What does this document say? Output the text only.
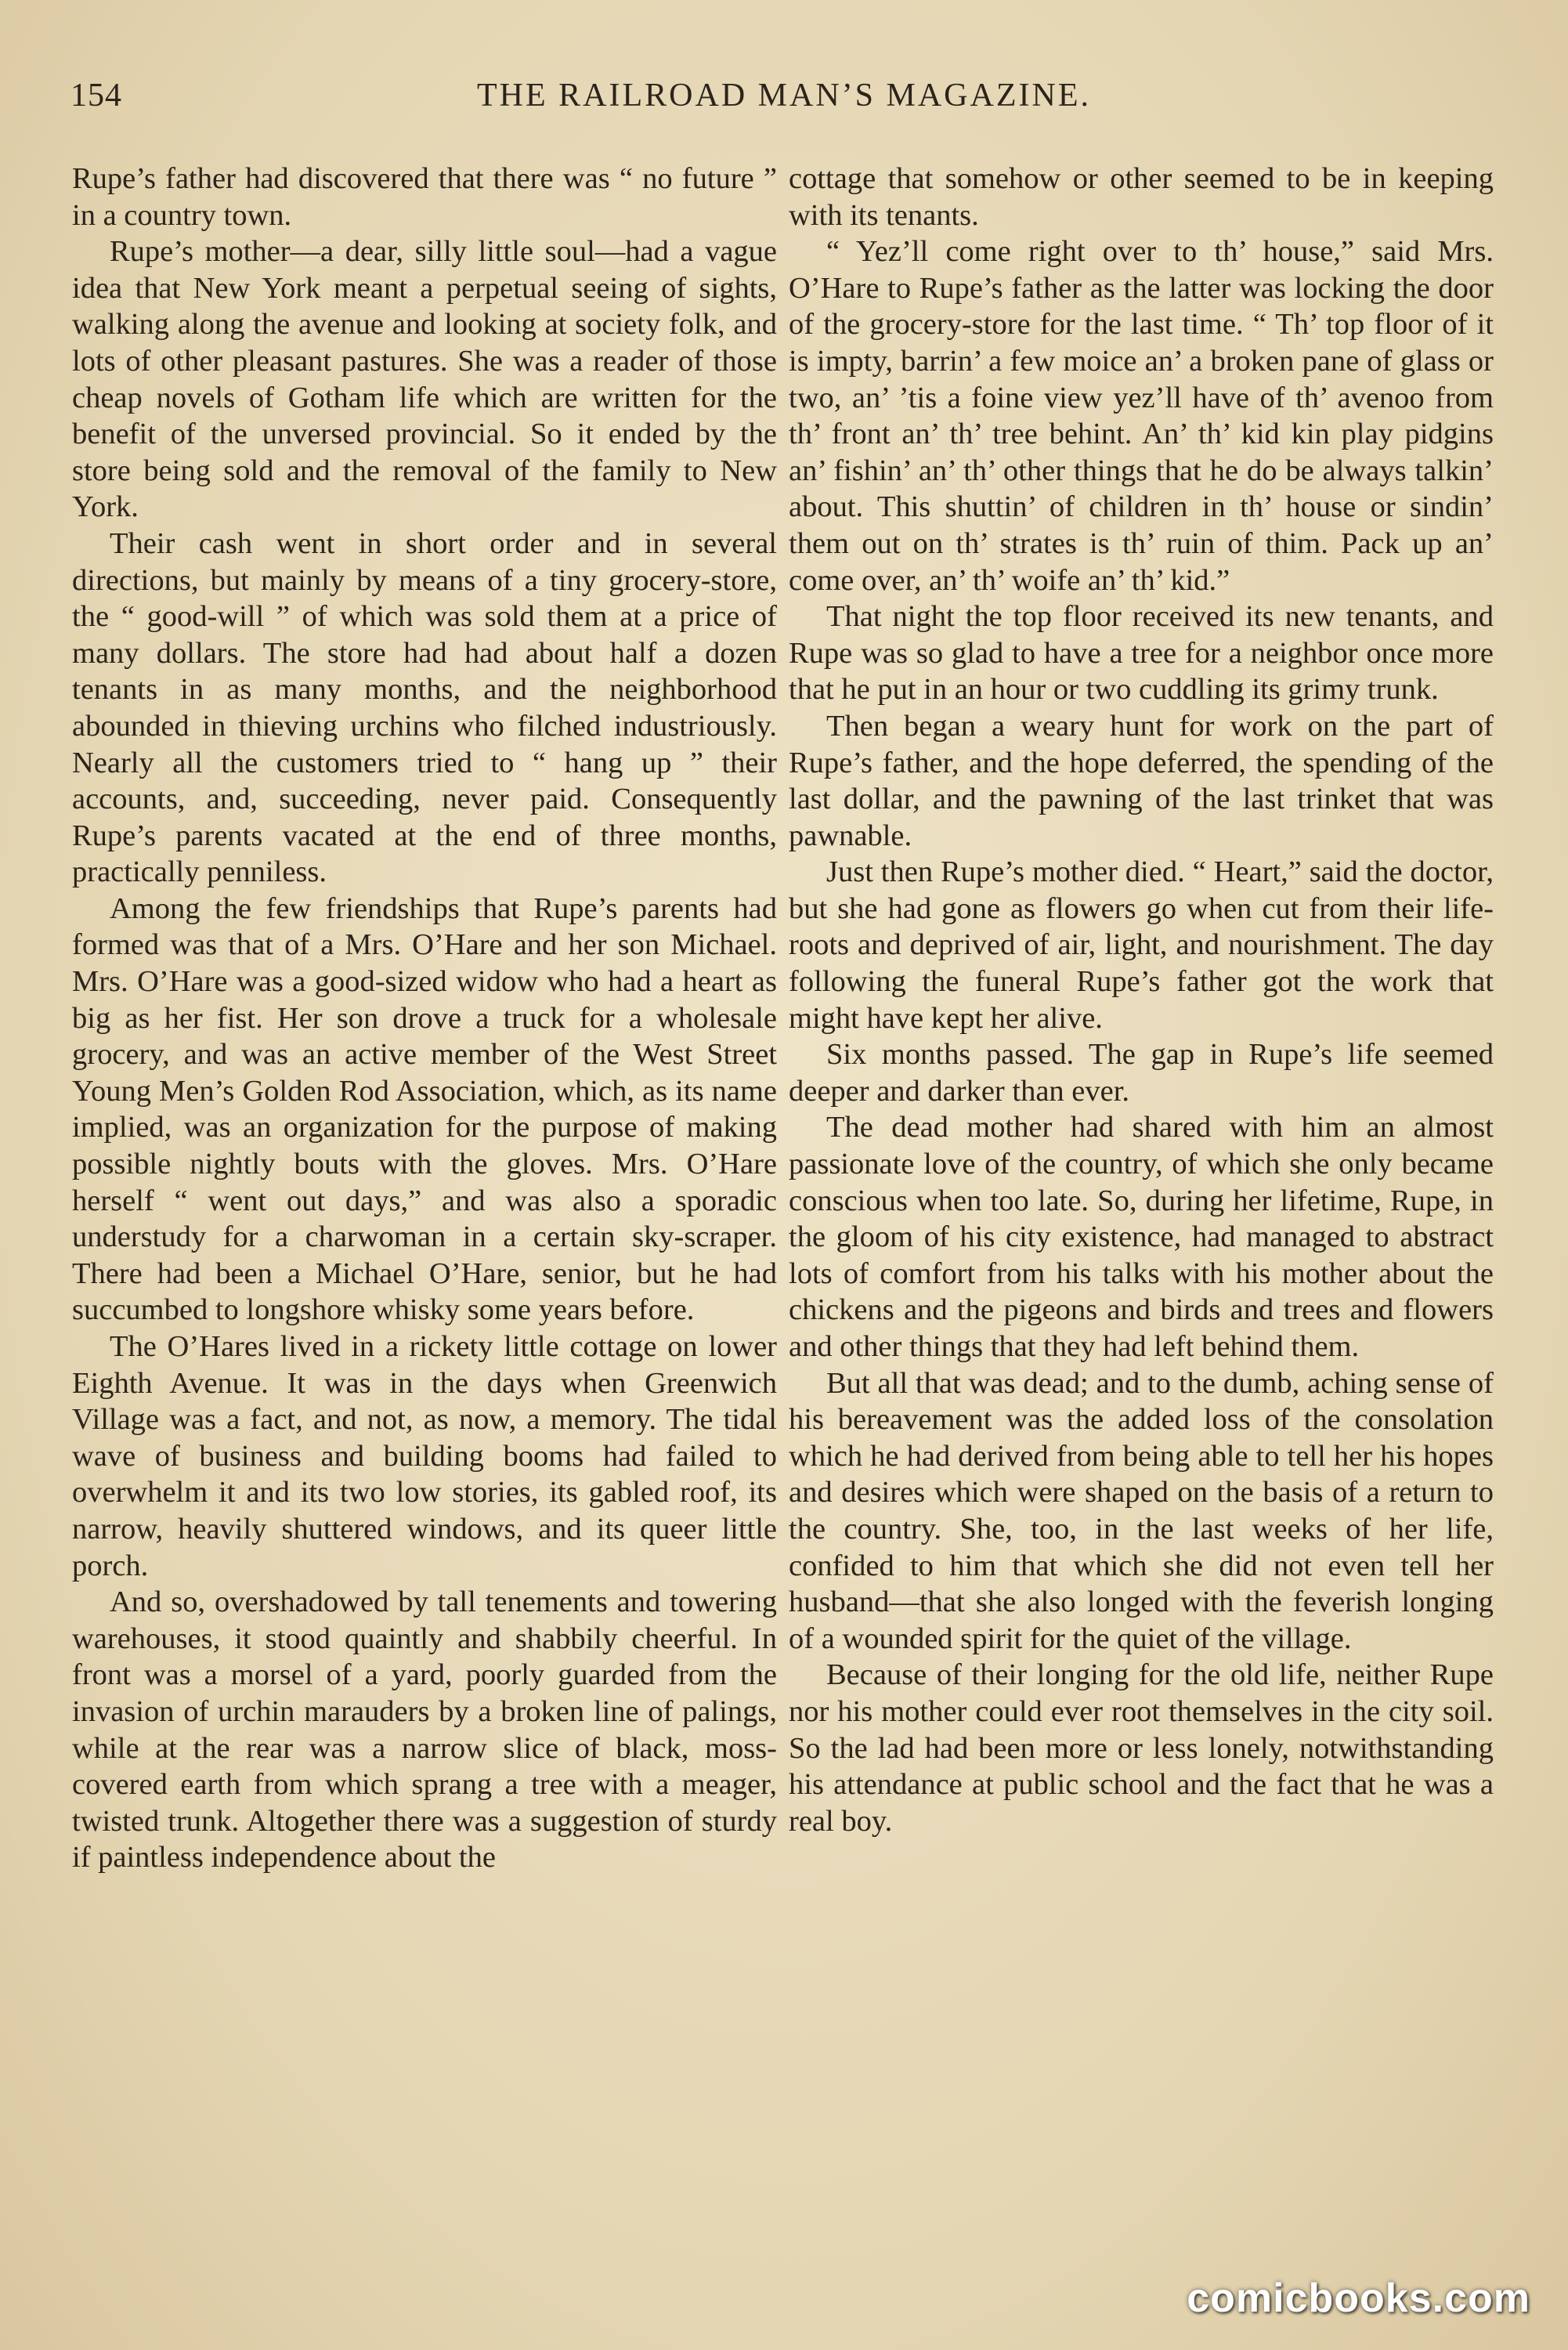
154	THE RAILROAD MAN’S MAGAZINE.

Rupe’s father had discovered that there was “ no future ” in a country town.

Rupe’s mother—a dear, silly little soul—had a vague idea that New York meant a perpetual seeing of sights, walking along the avenue and looking at society folk, and lots of other pleasant pastures. She was a reader of those cheap novels of Gotham life which are written for the benefit of the unversed provincial. So it ended by the store being sold and the removal of the family to New York.

Their cash went in short order and in several directions, but mainly by means of a tiny grocery-store, the “ good-will ” of which was sold them at a price of many dollars. The store had had about half a dozen tenants in as many months, and the neighborhood abounded in thieving urchins who filched industriously. Nearly all the customers tried to “ hang up ” their accounts, and, succeeding, never paid. Consequently Rupe’s parents vacated at the end of three months, practically penniless.

Among the few friendships that Rupe’s parents had formed was that of a Mrs. O’Hare and her son Michael. Mrs. O’Hare was a good-sized widow who had a heart as big as her fist. Her son drove a truck for a wholesale grocery, and was an active member of the West Street Young Men’s Golden Rod Association, which, as its name implied, was an organization for the purpose of making possible nightly bouts with the gloves. Mrs. O’Hare herself “ went out days,” and was also a sporadic understudy for a charwoman in a certain sky-scraper. There had been a Michael O’Hare, senior, but he had succumbed to longshore whisky some years before.

The O’Hares lived in a rickety little cottage on lower Eighth Avenue. It was in the days when Greenwich Village was a fact, and not, as now, a memory. The tidal wave of business and building booms had failed to overwhelm it and its two low stories, its gabled roof, its narrow, heavily shuttered windows, and its queer little porch.

And so, overshadowed by tall tenements and towering warehouses, it stood quaintly and shabbily cheerful. In front was a morsel of a yard, poorly guarded from the invasion of urchin marauders by a broken line of palings, while at the rear was a narrow slice of black, moss-covered earth from which sprang a tree with a meager, twisted trunk. Altogether there was a suggestion of sturdy if paintless independence about the

cottage that somehow or other seemed to be in keeping with its tenants.

“ Yez’ll come right over to th’ house,” said Mrs. O’Hare to Rupe’s father as the latter was locking the door of the grocery-store for the last time. “ Th’ top floor of it is impty, barrin’ a few moice an’ a broken pane of glass or two, an’ ’tis a foine view yez’ll have of th’ avenoo from th’ front an’ th’ tree behint. An’ th’ kid kin play pidgins an’ fishin’ an’ th’ other things that he do be always talkin’ about. This shuttin’ of children in th’ house or sindin’ them out on th’ strates is th’ ruin of thim. Pack up an’ come over, an’ th’ woife an’ th’ kid.”

That night the top floor received its new tenants, and Rupe was so glad to have a tree for a neighbor once more that he put in an hour or two cuddling its grimy trunk.

Then began a weary hunt for work on the part of Rupe’s father, and the hope deferred, the spending of the last dollar, and the pawning of the last trinket that was pawnable.

Just then Rupe’s mother died. “ Heart,” said the doctor, but she had gone as flowers go when cut from their life-roots and deprived of air, light, and nourishment. The day following the funeral Rupe’s father got the work that might have kept her alive.

Six months passed. The gap in Rupe’s life seemed deeper and darker than ever.

The dead mother had shared with him an almost passionate love of the country, of which she only became conscious when too late. So, during her lifetime, Rupe, in the gloom of his city existence, had managed to abstract lots of comfort from his talks with his mother about the chickens and the pigeons and birds and trees and flowers and other things that they had left behind them.

But all that was dead; and to the dumb, aching sense of his bereavement was the added loss of the consolation which he had derived from being able to tell her his hopes and desires which were shaped on the basis of a return to the country. She, too, in the last weeks of her life, confided to him that which she did not even tell her husband—that she also longed with the feverish longing of a wounded spirit for the quiet of the village.

Because of their longing for the old life, neither Rupe nor his mother could ever root themselves in the city soil. So the lad had been more or less lonely, notwithstanding his attendance at public school and the fact that he was a real boy.

comicbooks.com
